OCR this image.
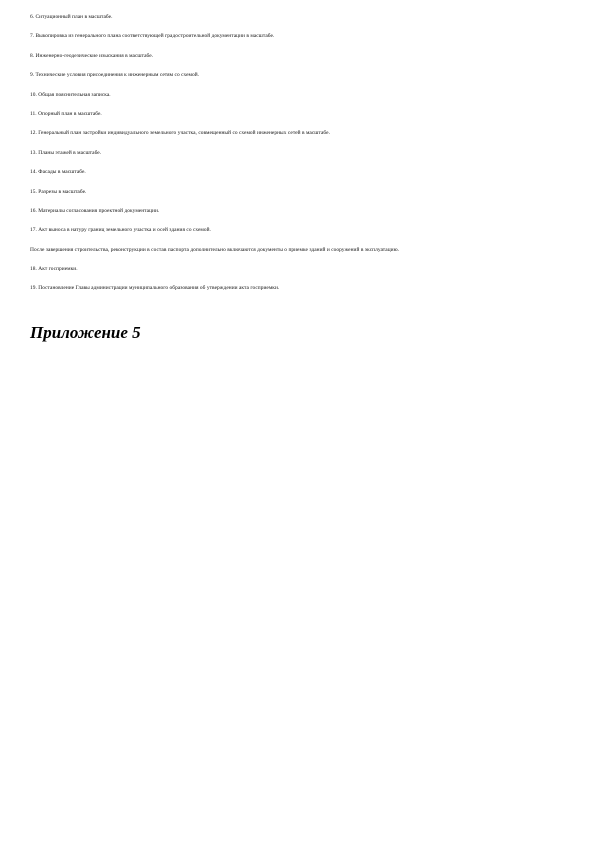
6. Ситуационный план в масштабе.

7. Выкопировка из генерального плана соответствующей градостроительной документации в масштабе.

8. Инженерно-геодезические изыскания в масштабе.

9. Технические условия присоединения к инженерным сетям со схемой.

10. Общая пояснительная записка.

11. Опорный план в масштабе.

12. Генеральный план застройки индивидуального земельного участка, совмещенный со схемой инженерных сетей в масштабе.

13. Планы этажей в масштабе.

14. Фасады в масштабе.

15. Разрезы в масштабе.

16. Материалы согласования проектной документации.

17. Акт выноса в натуру границ земельного участка и осей здания со схемой.

После завершения строительства, реконструкции в состав паспорта дополнительно включаются документы о приемке зданий и сооружений в эксплуатацию.

18. Акт госприемки.

19. Постановление Главы администрации муниципального образования об утверждении акта госприемки.

Приложение 5
